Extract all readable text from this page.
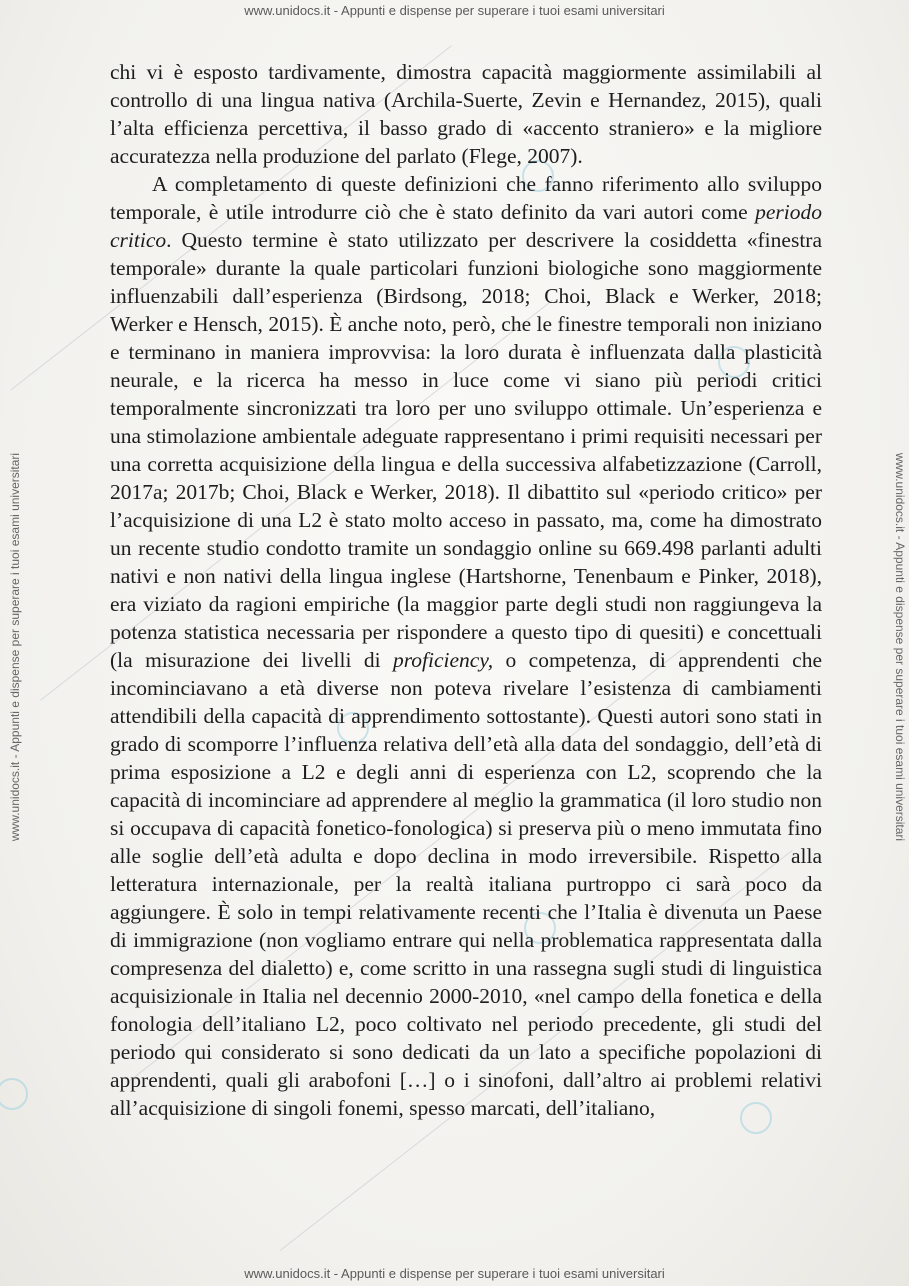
www.unidocs.it - Appunti e dispense per superare i tuoi esami universitari
www.unidocs.it - Appunti e dispense per superare i tuoi esami universitari	www.unidocs.it - Appunti e dispense per superare i tuoi esami universitari

chi vi è esposto tardivamente, dimostra capacità maggiormente assimilabili al controllo di una lingua nativa (Archila-Suerte, Zevin e Hernandez, 2015), quali l’alta efficienza percettiva, il basso grado di «accento straniero» e la migliore accuratezza nella produzione del parlato (Flege, 2007).

A completamento di queste definizioni che fanno riferimento allo sviluppo temporale, è utile introdurre ciò che è stato definito da vari autori come periodo critico. Questo termine è stato utilizzato per descrivere la cosiddetta «finestra temporale» durante la quale particolari funzioni biologiche sono maggiormente influenzabili dall’esperienza (Birdsong, 2018; Choi, Black e Werker, 2018; Werker e Hensch, 2015). È anche noto, però, che le finestre temporali non iniziano e terminano in maniera improvvisa: la loro durata è influenzata dalla plasticità neurale, e la ricerca ha messo in luce come vi siano più periodi critici temporalmente sincronizzati tra loro per uno sviluppo ottimale. Un’esperienza e una stimolazione ambientale adeguate rappresentano i primi requisiti necessari per una corretta acquisizione della lingua e della successiva alfabetizzazione (Carroll, 2017a; 2017b; Choi, Black e Werker, 2018). Il dibattito sul «periodo critico» per l’acquisizione di una L2 è stato molto acceso in passato, ma, come ha dimostrato un recente studio condotto tramite un sondaggio online su 669.498 parlanti adulti nativi e non nativi della lingua inglese (Hartshorne, Tenenbaum e Pinker, 2018), era viziato da ragioni empiriche (la maggior parte degli studi non raggiungeva la potenza statistica necessaria per rispondere a questo tipo di quesiti) e concettuali (la misurazione dei livelli di proficiency, o competenza, di apprendenti che incominciavano a età diverse non poteva rivelare l’esistenza di cambiamenti attendibili della capacità di apprendimento sottostante). Questi autori sono stati in grado di scomporre l’influenza relativa dell’età alla data del sondaggio, dell’età di prima esposizione a L2 e degli anni di esperienza con L2, scoprendo che la capacità di incominciare ad apprendere al meglio la grammatica (il loro studio non si occupava di capacità fonetico-fonologica) si preserva più o meno immutata fino alle soglie dell’età adulta e dopo declina in modo irreversibile. Rispetto alla letteratura internazionale, per la realtà italiana purtroppo ci sarà poco da aggiungere. È solo in tempi relativamente recenti che l’Italia è divenuta un Paese di immigrazione (non vogliamo entrare qui nella problematica rappresentata dalla compresenza del dialetto) e, come scritto in una rassegna sugli studi di linguistica acquisizionale in Italia nel decennio 2000-2010, «nel campo della fonetica e della fonologia dell’italiano L2, poco coltivato nel periodo precedente, gli studi del periodo qui considerato si sono dedicati da un lato a specifiche popolazioni di apprendenti, quali gli arabofoni […] o i sinofoni, dall’altro ai problemi relativi all’acquisizione di singoli fonemi, spesso marcati, dell’italiano,

www.unidocs.it - Appunti e dispense per superare i tuoi esami universitari
